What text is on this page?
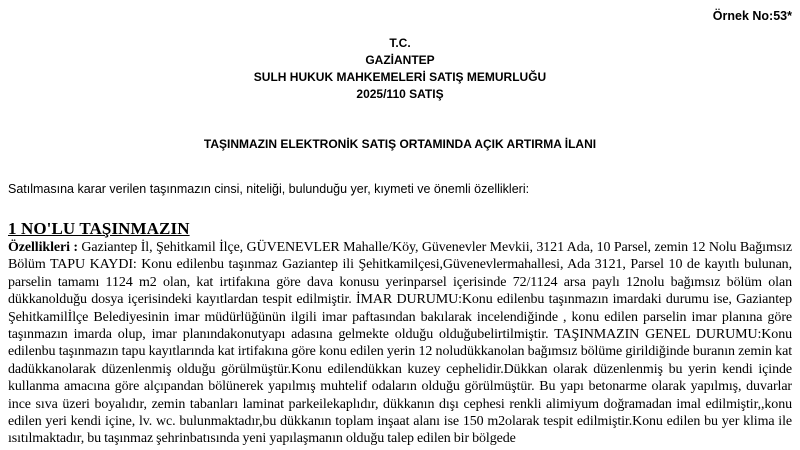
Örnek No:53*
T.C.
GAZİANTEP
SULH HUKUK MAHKEMELERİ SATIŞ MEMURLUĞU
2025/110 SATIŞ
TAŞINMAZIN ELEKTRONİK SATIŞ ORTAMINDA AÇIK ARTIRMA İLANI
Satılmasına karar verilen taşınmazın cinsi, niteliği, bulunduğu yer, kıymeti ve önemli özellikleri:
1 NO'LU TAŞINMAZIN
Özellikleri : Gaziantep İl, Şehitkamil İlçe, GÜVENEVLER Mahalle/Köy, Güvenevler Mevkii, 3121 Ada, 10 Parsel, zemin 12 Nolu Bağımsız Bölüm TAPU KAYDI: Konu edilenbu taşınmaz Gaziantep ili Şehitkamilçesi,Güvenevlermahallesi, Ada 3121, Parsel 10 de kayıtlı bulunan, parselin tamamı 1124 m2 olan, kat irtifakına göre dava konusu yerinparsel içerisinde 72/1124 arsa paylı 12nolu bağımsız bölüm olan dükkanolduğu dosya içerisindeki kayıtlardan tespit edilmiştir. İMAR DURUMU:Konu edilenbu taşınmazın imardaki durumu ise, Gaziantep Şehitkamilİlçe Belediyesinin imar müdürlüğünün ilgili imar paftasından bakılarak incelendiğinde , konu edilen parselin imar planına göre taşınmazın imarda olup, imar planındakonutyapı adasına gelmekte olduğu olduğubelirtilmiştir. TAŞINMAZIN GENEL DURUMU:Konu edilenbu taşınmazın tapu kayıtlarında kat irtifakına göre konu edilen yerin 12 noludükkanolan bağımsız bölüme girildiğinde buranın zemin kat dadükkanolarak düzenlenmiş olduğu görülmüştür.Konu edilendükkan kuzey cephelidir.Dükkan olarak düzenlenmiş bu yerin kendi içinde kullanma amacına göre alçıpandan bölünerek yapılmış muhtelif odaların olduğu görülmüştür. Bu yapı betonarme olarak yapılmış, duvarlar ince sıva üzeri boyalıdır, zemin tabanları laminat parkeilekaplıdır, dükkanın dışı cephesi renkli alimiyum doğramadan imal edilmiştir,,konu edilen yeri kendi içine, lv. wc. bulunmaktadır,bu dükkanın toplam inşaat alanı ise 150 m2olarak tespit edilmiştir.Konu edilen bu yer klima ile ısıtılmaktadır, bu taşınmaz şehrinbatısında yeni yapılaşmanın olduğu talep edilen bir bölgede
